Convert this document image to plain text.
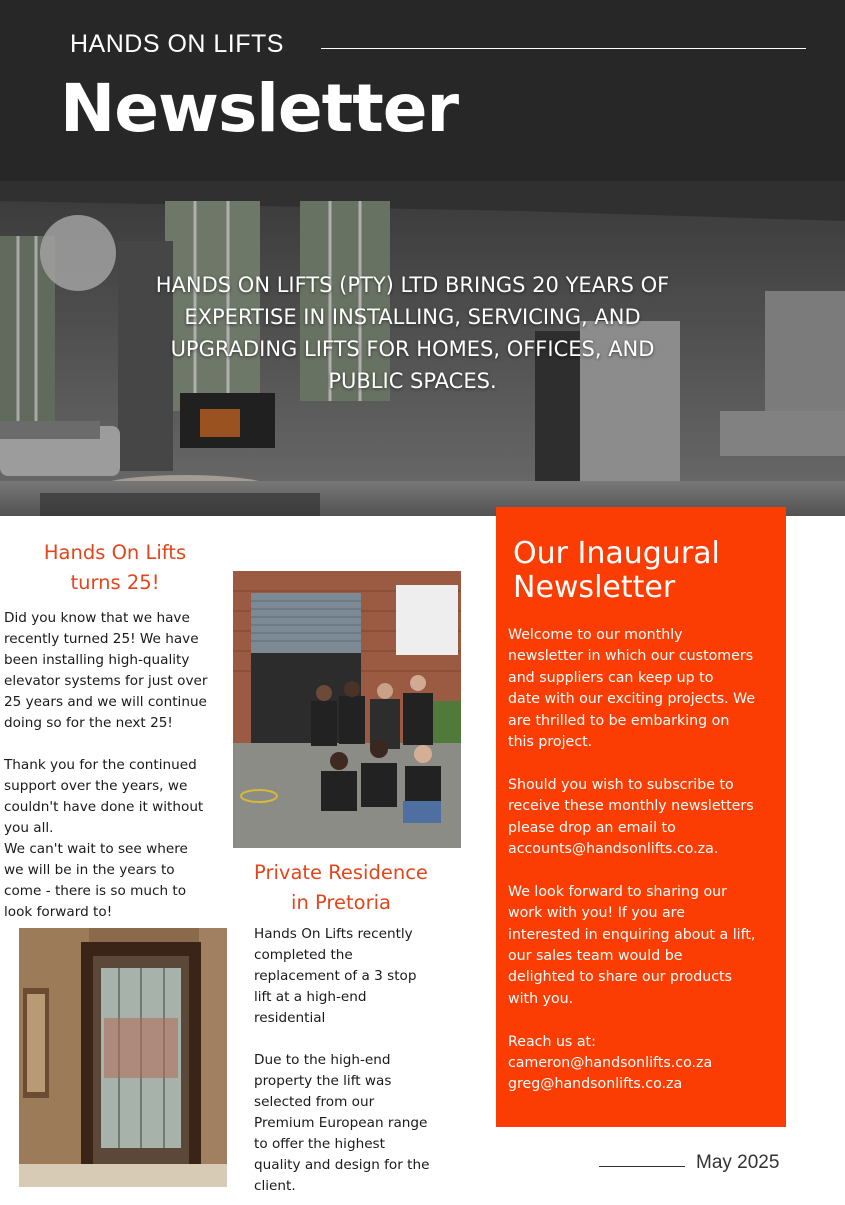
HANDS ON LIFTS
Newsletter
HANDS ON LIFTS (PTY) LTD BRINGS 20 YEARS OF
EXPERTISE IN INSTALLING, SERVICING, AND
UPGRADING LIFTS FOR HOMES, OFFICES, AND
PUBLIC SPACES.
Hands On Lifts
turns 25!
Did you know that we have
recently turned 25! We have
been installing high-quality
elevator systems for just over
25 years and we will continue
doing so for the next 25!
Thank you for the continued
support over the years, we
couldn't have done it without
you all.
We can't wait to see where
we will be in the years to
come - there is so much to
look forward to!
Private Residence
in Pretoria
Hands On Lifts recently
completed the
replacement of a 3 stop
lift at a high-end
residential
Due to the high-end
property the lift was
selected from our
Premium European range
to offer the highest
quality and design for the
client.
Our Inaugural
Newsletter
Welcome to our monthly
newsletter in which our customers
and suppliers can keep up to
date with our exciting projects. We
are thrilled to be embarking on
this project.
Should you wish to subscribe to
receive these monthly newsletters
please drop an email to
accounts@handsonlifts.co.za.
We look forward to sharing our
work with you! If you are
interested in enquiring about a lift,
our sales team would be
delighted to share our products
with you.
Reach us at:
cameron@handsonlifts.co.za
greg@handsonlifts.co.za
May 2025
